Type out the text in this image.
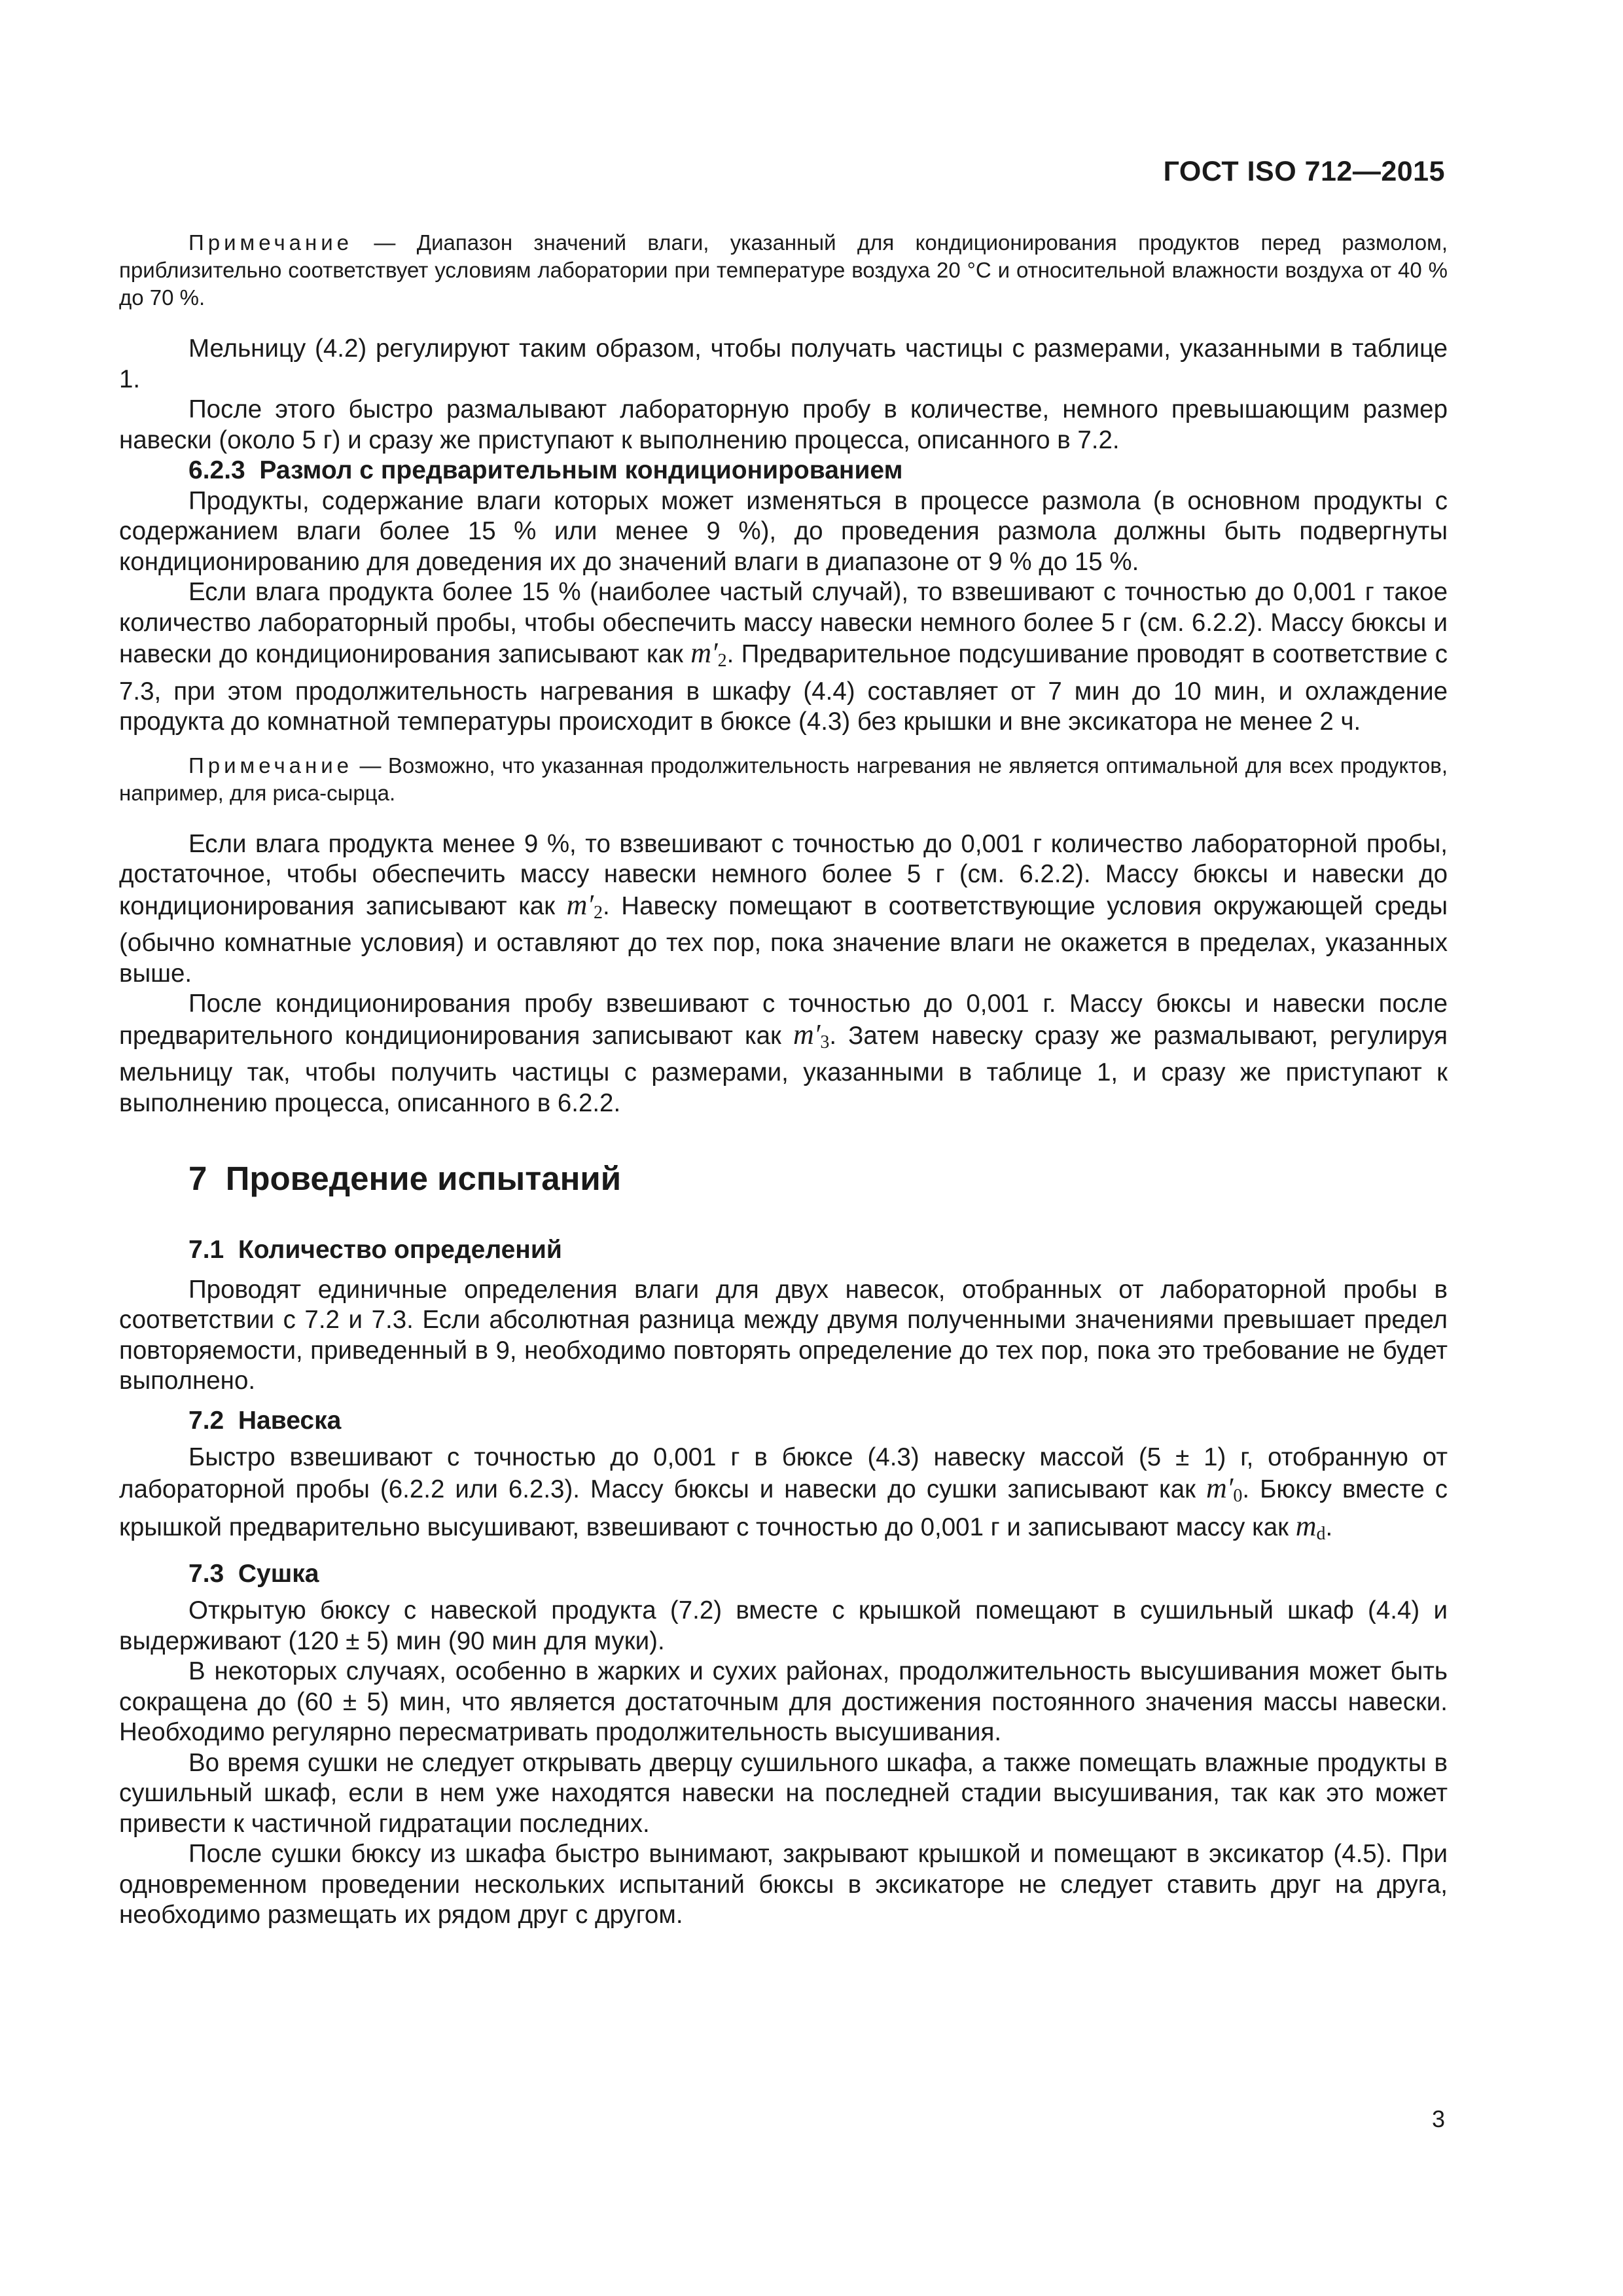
ГОСТ ISO 712—2015

Примечание — Диапазон значений влаги, указанный для кондиционирования продуктов перед размолом, приблизительно соответствует условиям лаборатории при температуре воздуха 20 °C и относительной влажности воздуха от 40 % до 70 %.

Мельницу (4.2) регулируют таким образом, чтобы получать частицы с размерами, указанными в таблице 1.

После этого быстро размалывают лабораторную пробу в количестве, немного превышающим размер навески (около 5 г) и сразу же приступают к выполнению процесса, описанного в 7.2.

6.2.3 Размол с предварительным кондиционированием

Продукты, содержание влаги которых может изменяться в процессе размола (в основном продукты с содержанием влаги более 15 % или менее 9 %), до проведения размола должны быть подвергнуты кондиционированию для доведения их до значений влаги в диапазоне от 9 % до 15 %.

Если влага продукта более 15 % (наиболее частый случай), то взвешивают с точностью до 0,001 г такое количество лабораторный пробы, чтобы обеспечить массу навески немного более 5 г (см. 6.2.2). Массу бюксы и навески до кондиционирования записывают как $m'_2$. Предварительное подсушивание проводят в соответствие с 7.3, при этом продолжительность нагревания в шкафу (4.4) составляет от 7 мин до 10 мин, и охлаждение продукта до комнатной температуры происходит в бюксе (4.3) без крышки и вне эксикатора не менее 2 ч.

Примечание — Возможно, что указанная продолжительность нагревания не является оптимальной для всех продуктов, например, для риса-сырца.

Если влага продукта менее 9 %, то взвешивают с точностью до 0,001 г количество лабораторной пробы, достаточное, чтобы обеспечить массу навески немного более 5 г (см. 6.2.2). Массу бюксы и навески до кондиционирования записывают как $m'_2$. Навеску помещают в соответствующие условия окружающей среды (обычно комнатные условия) и оставляют до тех пор, пока значение влаги не окажется в пределах, указанных выше.

После кондиционирования пробу взвешивают с точностью до 0,001 г. Массу бюксы и навески после предварительного кондиционирования записывают как $m'_3$. Затем навеску сразу же размалывают, регулируя мельницу так, чтобы получить частицы с размерами, указанными в таблице 1, и сразу же приступают к выполнению процесса, описанного в 6.2.2.

7 Проведение испытаний
7.1 Количество определений

Проводят единичные определения влаги для двух навесок, отобранных от лабораторной пробы в соответствии с 7.2 и 7.3. Если абсолютная разница между двумя полученными значениями превышает предел повторяемости, приведенный в 9, необходимо повторять определение до тех пор, пока это требование не будет выполнено.

7.2 Навеска

Быстро взвешивают с точностью до 0,001 г в бюксе (4.3) навеску массой (5 ± 1) г, отобранную от лабораторной пробы (6.2.2 или 6.2.3). Массу бюксы и навески до сушки записывают как $m'_0$. Бюксу вместе с крышкой предварительно высушивают, взвешивают с точностью до 0,001 г и записывают массу как $m_d$.

7.3 Сушка

Открытую бюксу с навеской продукта (7.2) вместе с крышкой помещают в сушильный шкаф (4.4) и выдерживают (120 ± 5) мин (90 мин для муки).

В некоторых случаях, особенно в жарких и сухих районах, продолжительность высушивания может быть сокращена до (60 ± 5) мин, что является достаточным для достижения постоянного значения массы навески. Необходимо регулярно пересматривать продолжительность высушивания.

Во время сушки не следует открывать дверцу сушильного шкафа, а также помещать влажные продукты в сушильный шкаф, если в нем уже находятся навески на последней стадии высушивания, так как это может привести к частичной гидратации последних.

После сушки бюксу из шкафа быстро вынимают, закрывают крышкой и помещают в эксикатор (4.5). При одновременном проведении нескольких испытаний бюксы в эксикаторе не следует ставить друг на друга, необходимо размещать их рядом друг с другом.

3
